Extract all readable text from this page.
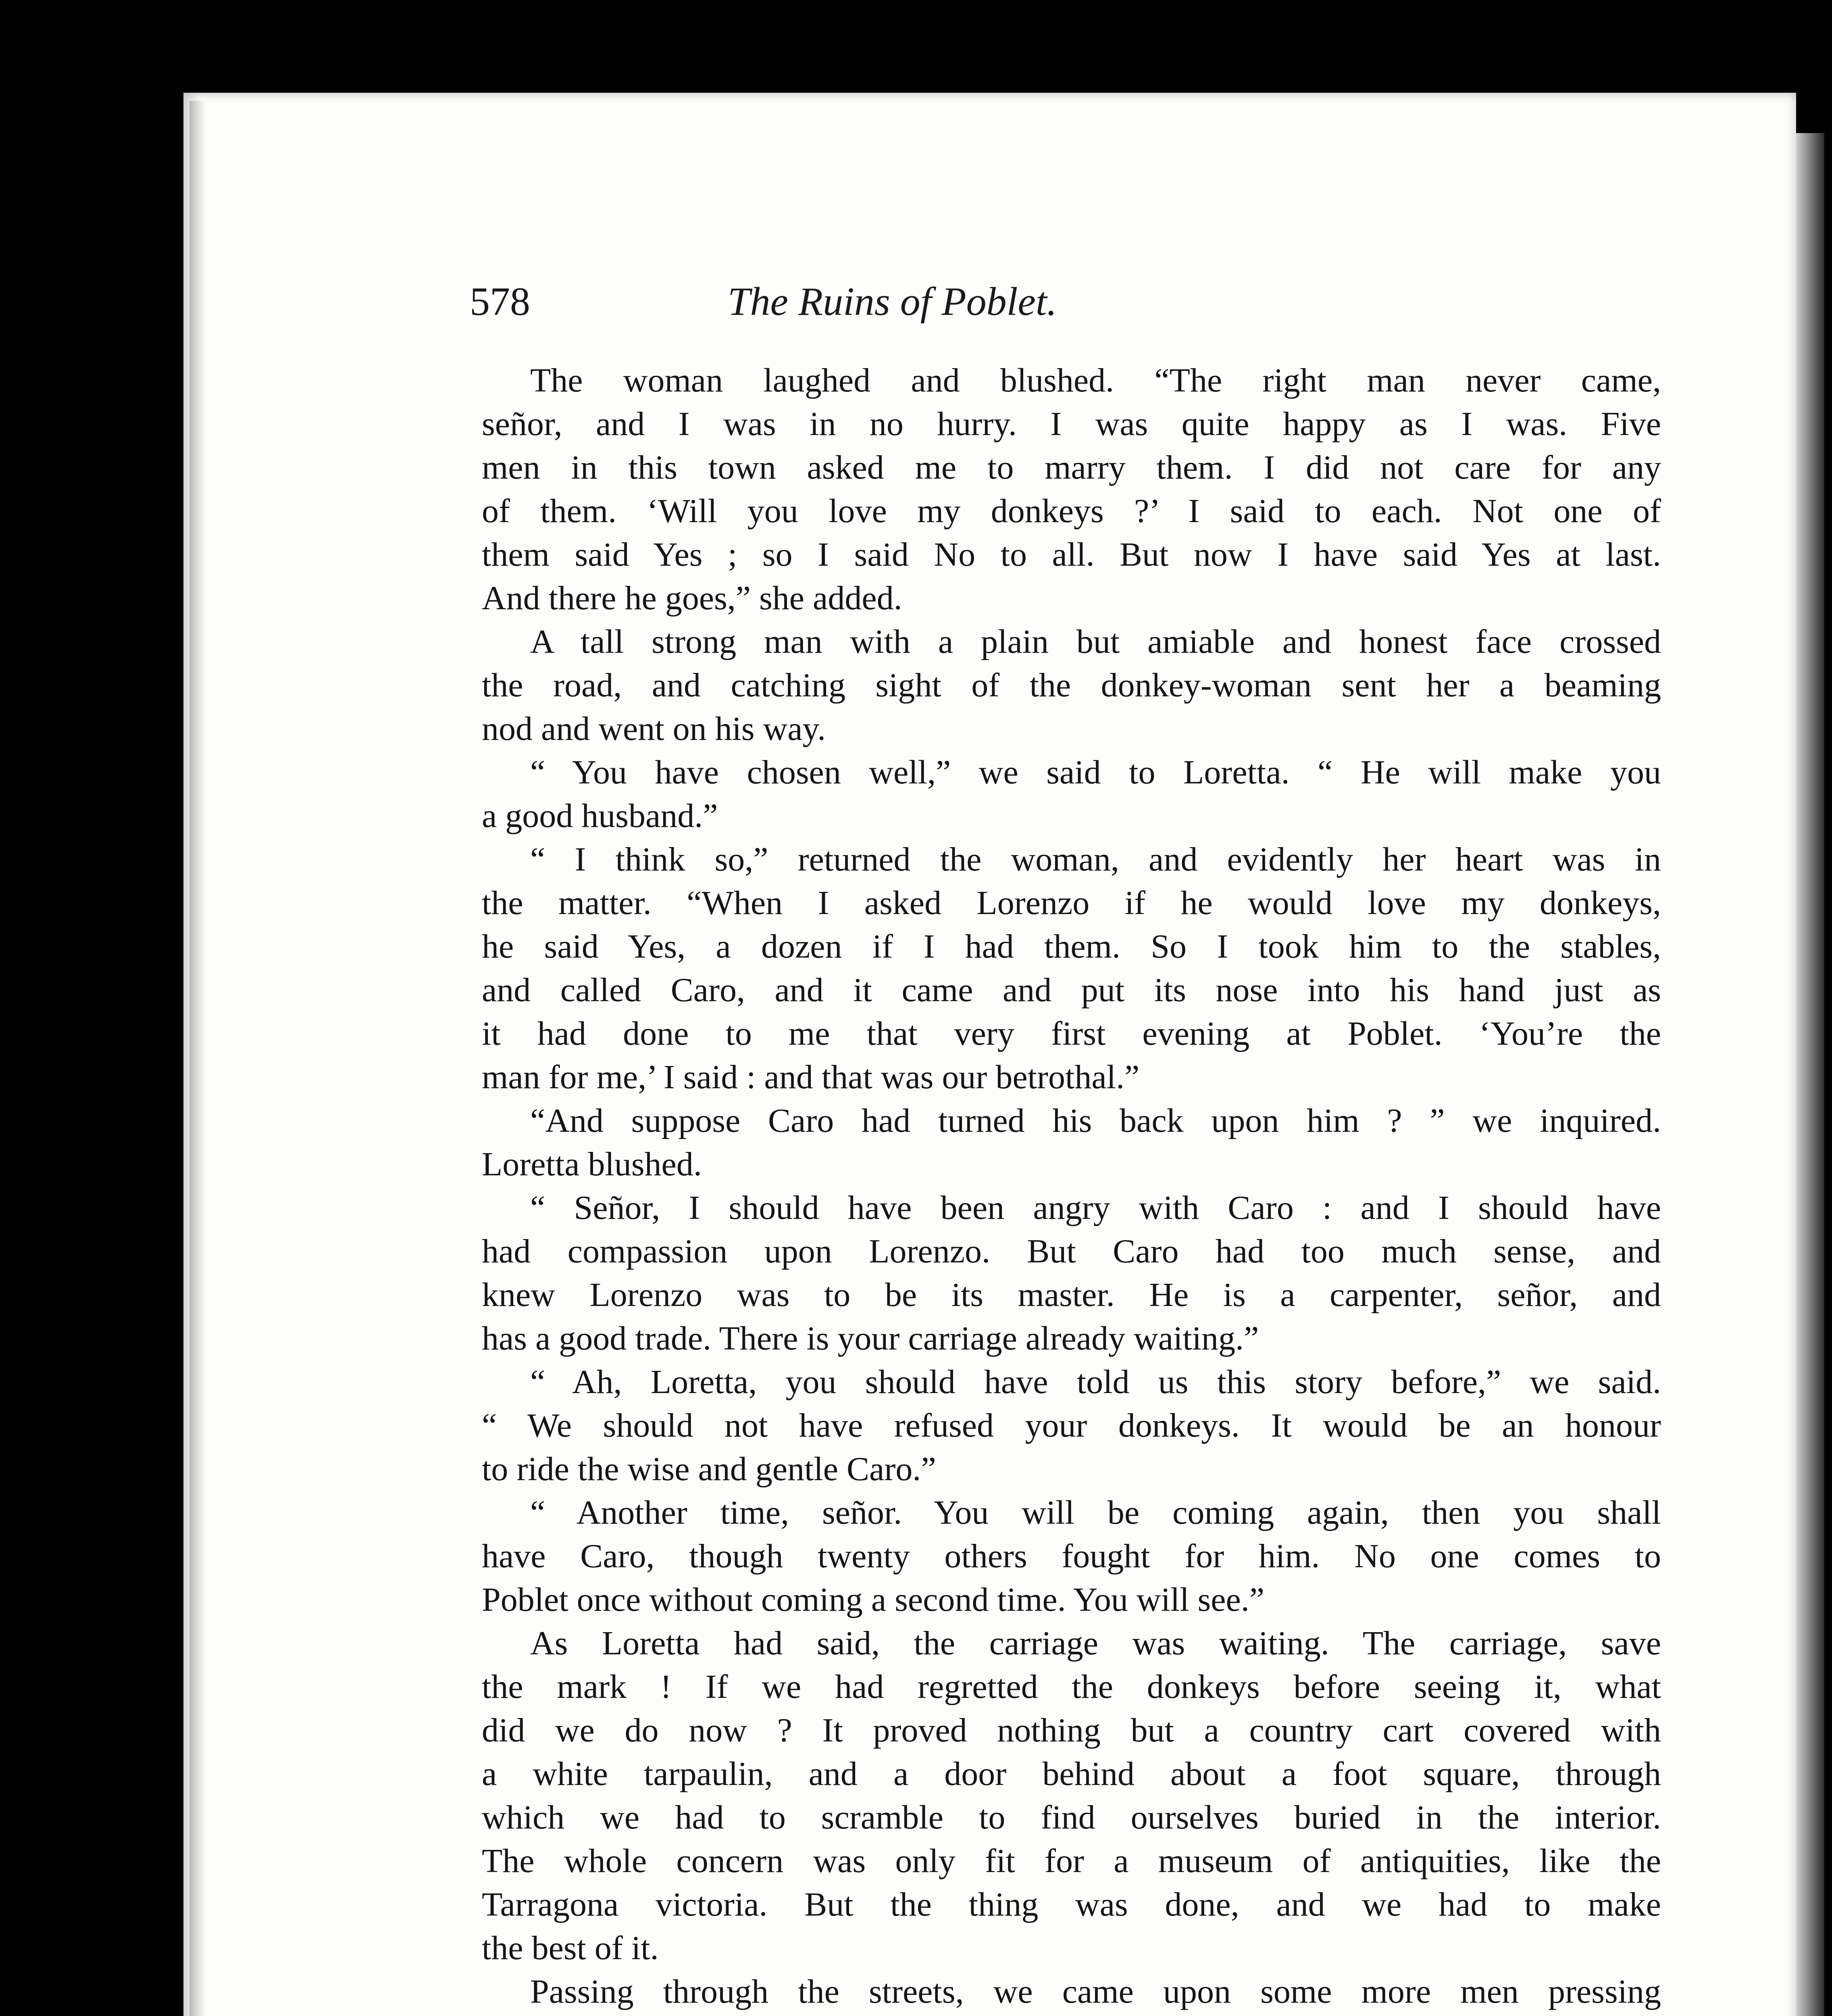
578	The Ruins of Poblet.
The woman laughed and blushed. “The right man never came,
señor, and I was in no hurry. I was quite happy as I was. Five
men in this town asked me to marry them. I did not care for any
of them. ‘Will you love my donkeys ?’ I said to each. Not one of
them said Yes ; so I said No to all. But now I have said Yes at last.
And there he goes,” she added.
A tall strong man with a plain but amiable and honest face crossed
the road, and catching sight of the donkey-woman sent her a beaming
nod and went on his way.
“ You have chosen well,” we said to Loretta. “ He will make you
a good husband.”
“ I think so,” returned the woman, and evidently her heart was in
the matter. “When I asked Lorenzo if he would love my donkeys,
he said Yes, a dozen if I had them. So I took him to the stables,
and called Caro, and it came and put its nose into his hand just as
it had done to me that very first evening at Poblet. ‘You’re the
man for me,’ I said : and that was our betrothal.”
“And suppose Caro had turned his back upon him ? ” we inquired.
Loretta blushed.
“ Señor, I should have been angry with Caro : and I should have
had compassion upon Lorenzo. But Caro had too much sense, and
knew Lorenzo was to be its master. He is a carpenter, señor, and
has a good trade. There is your carriage already waiting.”
“ Ah, Loretta, you should have told us this story before,” we said.
“ We should not have refused your donkeys. It would be an honour
to ride the wise and gentle Caro.”
“ Another time, señor. You will be coming again, then you shall
have Caro, though twenty others fought for him. No one comes to
Poblet once without coming a second time. You will see.”
As Loretta had said, the carriage was waiting. The carriage, save
the mark ! If we had regretted the donkeys before seeing it, what
did we do now ? It proved nothing but a country cart covered with
a white tarpaulin, and a door behind about a foot square, through
which we had to scramble to find ourselves buried in the interior.
The whole concern was only fit for a museum of antiquities, like the
Tarragona victoria. But the thing was done, and we had to make
the best of it.
Passing through the streets, we came upon some more men pressing
